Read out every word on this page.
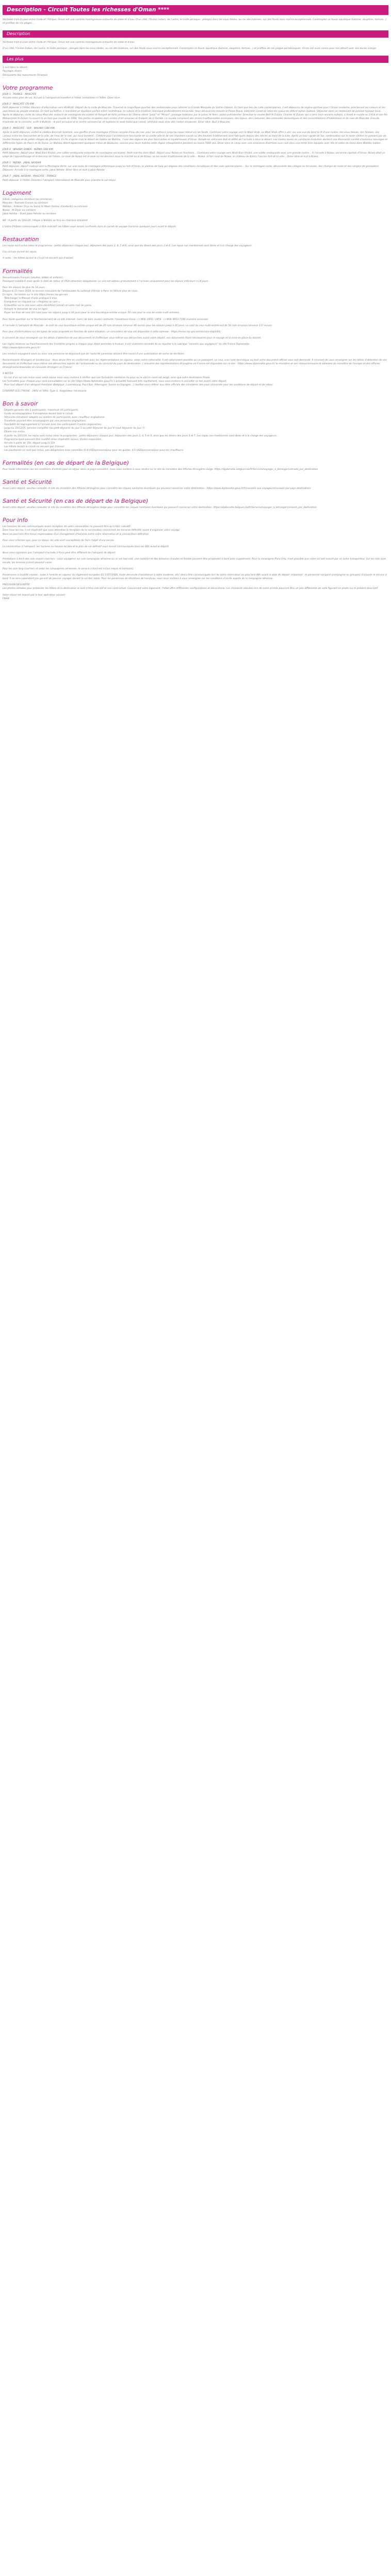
Description - Circuit Toutes les richesses d'Oman ****

Véritable trait d'union entre l'Inde et l'Afrique, Oman est une contrée montagneuse entourée de sable et d'eau. D'un côté, l'Océan Indien, de l'autre, le Golfe persique ; plongez dans les eaux tièdes, au ras des baleines, sur des fonds sous-marins exceptionnels. Contemplez sa faune aquatique (baleine, dauphins, tortues...) et profitez de ces plages ...

Description

Véritable trait d'union entre l'Inde et l'Afrique, Oman est une contrée montagneuse entourée de sable et d'eau.

D'un côté, l'Océan Indien, de l'autre, le Golfe persique ; plongez dans les eaux tièdes, au ras des baleines, sur des fonds sous-marins exceptionnels. Contemplez sa faune aquatique (baleine, dauphins, tortues...) et profitez de ces plages paradisiaques. Oman est aussi connu pour son désert avec ses dunes orange.

Les plus
1 nuit dans le désert
Paysages divers
Découverte des monuments Omanais
Votre programme
JOUR 1 : FRANCE - MASCATE

Arrivée selon plan de vol. Accueil à l'aéroport et transfert à l'hôtel. Installation à l'hôtel. Dîner libre.

JOUR 2 : MASCATE (70 KM)

Petit déjeuner à l'hôtel. Réunion d'information vers 8h/8h30. Départ de la visite de Mascate. Travervé le magnifique quartier des ambassades pour admirer la Grande Mosquée du Sultan Qaboos. En tant que lieu de culte contemporain, il est dépourvu de repère spirituel pour l'Oman moderne, proclamant les valeurs et les aspirations du peuple omanais. En tant qu'édifice, il maintient un équilibre parfait entre l'esthétique, la culture et la tradition islamique profondément enracinée. Vous découvrirez ensuite le Palais Royal, bâtiment construit selon les voeux du défunt sultan Qaboos. Déjeuner dans un restaurant de poisson typique local. Après le déjeuner, visite du vieux Mascate, entouré de montagnes escarpées et flanqué de forts jumeaux du 16ème siècle "Jalali" et "Mirani", passage extérieur par le palais Al Alam, palais présidentiel. Direction le musée Beit Al Zubair, Charles Al Zubair, qui a servi trois anciens sultans, a fondé le musée en 1914 et son fils Mohammed Al Zubair l'a ouvert le en tant que musée en 1998. Ses portes sculptées sont ornées d'art omanais et d'objets de la famille. Le musée comprend des armes traditionnelles omanaises, des bijoux, des costumes, des ustensiles domestiques et des reconstitutions d'habitations et de rues de Mascate. Ensuite, traversée de la corniche, arrêt à Muttrah : le port principal et le centre commercial, et explorez le souk historique coloré, véritable souk avec des ruelles sinueuses. Dîner libre. Nuit à Mascate.

JOUR 3 : MASCATE - SUR - WAHIBA (340 KM)

Après le petit déjeuner, visitez le célèbre Bimmah Sinkhole, une gouffre d'une montagne d'Oman remplie d'eau de mer, pour les visiteurs jusqu'au repas relevé via les fonds. Continuez votre voyage vers le Wadi Shab. Le Wadi Shab offre à voir, sur une vue du bord le lit d'une rivière, ses eaux bleues, ses falaises, ses canaux entre les fascinantes de la ville, de l'eau de la mer, qui nous bordent... Célèbre pour l'architecture fascinante de sa vieille ville et de ses chantiers navals où des boutres traditionnels sont fabriqués depuis des siècles au bord de la baie. Après un tour rapide de Sur, continuation sur la route côtière en passant par de hautes falaises et de petits villages de pêcheurs. En fin d'après-midi le désert de Sables de Wahiba - l'une des régions les plus fascinantes et mystérieuses d'Oman. Balade en véhicules 4x4 et défilé de l'arrivée à dans le désert. Les vastes dunes en constante évolution abritent une étonnante variété d'animaux sauvages et différentes types de fleurs et de faune. Le Wahiba désiré également quelques tribus de Bédouins, connus pour leurs habiles cette région inhospitalière pendant au moins 7000 ans. Dîner dans le camp avec une ambiance divertisse suivi nuit dans une tente bien équipée avec liés et salles de bains dans Wahiba Sables.

JOUR 4 : WAHIBA SANDS - NIZWA (300 KM)

Petit déjeuner, départ pour Wadi Bani Khalid, une vallée verdoyante entourée de montagnes escarpées. Petit marche dans Wadi. Départ pour Nizwa en fonctions... Continuez votre voyage vers Wadi Bani Khalid, une vallée verdoyante avec une grande rivière... À l'arrivée à Nizwa, ancienne capitale d'Oman, Nizwa était un siège de l'apprentissage et le berceau de l'Islam. Le souk de Nizwa est le souk où les derniers nous le marché local de Nizwa, où les souks traditionnels de la ville... Nizwa, le fort rond de Nizwa, le château de Bahla, l'ancien fort de la ville... Dîner libre et nuit à Nizwa.

JOUR 5 : NIZWA - JABAL AKHDAR

Petit déjeuner, départ matinal vers la Montagne Verte, sur une route de montagne pittoresque jusqu'au toit d'Oman, le plateau de Saïq qui dispose des conditions climatiques et des vues spectaculaires... Sur la montagne verte, découverte des villages en terrasses, des champs de roses et des vergers de grenadiers. Déjeuner. Arrivée à la montagne verte, Jabal Akhdar. Dîner libre et nuit à Jabal Akhdar.

JOUR 7 : JABAL AKHDAR - MASCATE - FRANCE

Petit déjeuner à l'hôtel. Direction l'aéroport international de Mascate pour prendre le vol retour.

Logement
Hôtels catégories standard (ou similaires) :
Mascate : Ramada Encore ou similaire
Wahiba : Arabian Oryx ou Sama Al Wasil (tentes standards) ou similaire
Nizwa : Al Diyar ou similaire
Jabal Akhdar : Dusit Jabal Akhdar ou similaire

NB : A partir du 10/1/26, l'étape à Wahiba se fera en chambre standard.

L'ordre d'hôtels communiqués à titre indicatif, les hôtels vous seront confirmés dans le carnet de voyage transmis quelques jours avant le départ.

Restauration

Les repas sont inclus selon le programme : petits-déjeuners chaque jour, déjeuners des jours 2, 4, 5 et 6, ainsi que les dîners des jours 3 et 6. Les repas non mentionnés sont libres et à la charge des voyageurs.

Eau incluse durant les repas.

A noter : les hôtels durant le circuit ne servent pas d'alcool.

Formalités
Ressortissants français (adultes, bébés et enfants) :

Passeport valable 6 mois après la date de retour et VISA obtention obligatoires. Le visa est obtenu gratuitement à l'arrivée uniquement pour les séjours inférieurs à 14 jours.

Pour les séjours de plus de 14 jours :
Depuis le 21 mars 2018, le service consulaire de l'ambassade du sultanat d'Oman à Paris ne délivre plus de visas.
En ligne : Se rendre sur le site https://evisa.rop.gov.om
- Télécharger le Manuel d'aide pratique E-Visa
- Enregistrer en cliquant sur « Register as user »
- S'identifier sur le site avec votre identifiant (email) et votre mot de passe
- Remplir le demande de visa en ligne

- Payer les frais de visa (20 rials) pour les séjours jusqu'à 30 jours pour le visa touristique entrée unique; 50 rials pour le visa de visite multi entrées).

Pour toute question sur le fonctionnement de ce site internet, merci de bien vouloir contacter l'assistance évisa : (+968) 2456 / 2456 : (+968) 9953 7194 (numéro omanais).

A l'arrivée à l'aéroport de Mascate : le coût du visa touristique entrée unique est de 20 rials omanais (environ 46 euros) pour les séjours jusqu'à 30 jours. Le coût du visa multi-entrée est de 50 rials omanais (environ 117 euros).

Pour plus d'informations sur les types de visas proposés en fonction de votre situation, un simulateur de visa est disponible à cette adresse : https://evisa.rop.gov.om/en/visa-eligibility

Il convient de vous renseigner sur les délais d'obtention de vos documents et d'effectuer vous-même vos démarches avant votre départ, vos documents étant nécessaires pour le voyage et la mise en place du dossier.

Les règles relatives au franchissement des frontières propres à chaque pays étant amenées à évoluer, il est vivement conseillé de se reporter à la rubrique "conseils aux voyageurs" du site France Diplomatie.

https://www.diplomatie.gouv.fr/

Les mineurs voyageant seuls ou avec une personne ne disposant pas de l'autorité parentale doivent être munis d'une autorisation de sortie de territoire.

Ressortissants étrangers et binationaux : Vous devez être en conformité avec les réglementations en vigueur, selon votre nationalité. Il est notamment possible qu'un passeport, un visa, une carte touristique ou tout autre document officiel vous soit demandé. Il convient de vous renseigner sur les délais d'obtention de vos documents et d'effectuer vous-même vos démarches auprès de l'ambassade ou du consulat du pays de destination. L'annuaire des représentations étrangères en France est disponible sur ce lien : https://www.diplomatie.gouv.fr/ le ministère et son réseau/annuaire et adresses du ministère de l'europe et des affaires étrangères/ambassades et consulats étrangers en France/

A NOTER
- En cas d'un vol non inclus avec votre séjour nous vous invitons à vérifier que vos formalités sanitaires du pays ou le vaccin covid est exigé, ainsi que votre destination finale.
Les formalités pour chaque pays sont consultables sur le site https://www.diplomatie.gouv.fr/ L'actualité évoluant très rapidement, nous vous invitons à consulter ce lien avant votre départ.

- Pour tout départ d'un aéroport frontalier (Belgique, Luxembourg, Pays-Bas, Allemagne, Suisse ou Espagne...) veuillez vous référer aux sites officiels des ministères des pays concernés pour les conditions de départ et de retour.

COURANT ELECTRIQUE : 240V et 50Hz. Type G. Adaptateur nécessaire.

Bon à savoir
- Départs garantis dès 2 participants, maximum 40 participants.
- Guide accompagnateur francophone durant tout le circuit.
- Véhicules climatisés adaptés au nombre de participants, avec chauffeur anglophone.
- Transferts pouvant être accompagnés par une personne anglophone.
- Possibilité de regroupement à l'arrivée avec des participants d'autres organismes.
- Jusqu'au 20/12/25, pension complète (du petit-déjeuner du jour 2 au petit déjeuner du jour 8 (sauf déjeuner du jour 7).
- Dîners non inclus.
- A partir du 10/1/26, les repas sont inclus selon le programme : petits-déjeuners chaque jour, déjeuners des jours 2, 4, 5 et 6, ainsi que les dîners des jours 3 et 7. Les repas non mentionnés sont libres et à la charge des voyageurs.
- Programme basé pouvant être modifié selon impératifs locaux. Visites respectées.
- Arrivée à partir de 15h, départ jusqu'à 12h.
- Les hôtels durant le circuit ne servent pas d'alcool.
- Les pourboires ne sont pas inclus, pas obligatoires mais conseillés (6-8 USD/personne/jour pour les guides, 4-5 USD/personne/jour pour les chauffeurs).
Formalités (en cas de départ de la Belgique)

Pour toute information sur les conditions d'entrée pour un séjour dans ce pays considéré, nous vous invitons à vous rendre sur le site du ministère des Affaires étrangères belge. https://diplomatie.belgium.be/fr/Services/voyager_a_letranger/conseils_par_destination

Santé et Sécurité

Avant votre départ, veuillez consulter le site du ministère des Affaires étrangères pour connaître les risques sanitaires éventuels qui peuvent concerner votre destination : https://www.diplomatie.gouv.fr/fr/conseils-aux-voyageurs/conseils-par-pays-destination/

Santé et Sécurité (en cas de départ de la Belgique)

Avant votre départ, veuillez consulter le site du ministère des Affaires étrangères belge pour connaître les risques sanitaires éventuels qui peuvent concerner votre destination. https://diplomatie.belgium.be/fr/Services/voyager_a_letranger/conseils_par_destination

Pour info
Les horaires de vols communiqués avant réception de votre convocation ne peuvent être qu'à titre indicatif.
Dans tous les cas, il est impératif que vous attendiez la réception de la convocation concernant les horaires définitifs avant d'organiser votre voyage.

Nous ne pourrons être tenus responsables d'un changement d'horaires entre votre réservation et la convocation définitive.

Pour vous informer que, pour ce séjour, les vols sont susceptibles de faire l'objet d'une escale.

La convocation à l'aéroport, les horaires en heures locales et le plan de vol définitif vous seront communiqués dans les 48h avant le départ.

Nous vous signalons que l'aéroport d'arrivée à Paris peut être différent de l'aéroport de départ.

Prestations à bord des vols moyen-courriers : vous voyagerez sur une compagnie aérienne ou un vol low-cost, une collation et des boissons chaudes et froides peuvent être proposées à bord avec supplément. Pour la compagnie Paris-Orly, il est possible que votre vol soit assuré par un autre transporteur. Sur les vols avec escale, les services à bord peuvent varier.

Pour les vols long-courriers et selon les compagnies aériennes, le service à bord est inclus (repas et boissons).

Provenance à modifié valable : suite à l'entrée en vigueur du règlement européen EU 1107/2006, toute demande d'assistance à notre moderne, etc) devra être communiquée lors de votre réservation au plus tard 48h avant la date de départ. Important : le personnel navigant (compagnie ou groupes) d'assurer le service à bord. Il ne sera cependant pas garanti de pouvoir voyager durant le vol des repas. Pour les personnes de situations de handicap, nous vous invitons à vous renseigner sur les conditions d'accès auprès de la compagnie aérienne.

PRÉCISION DESCRIPTIF

Les photos utilisées pour présenter les hôtels et la destination le sont à titre indicatif et non contractuel. Concernant votre logement, l'hôtel offre différentes configurations et décorations. Les chambres allouées lors de votre arrivée pourront être un peu différentes de celle figurant en photo sur le présent descriptif.

Votre séjour est assuré par le tour opérateur suivant :
FRAM
